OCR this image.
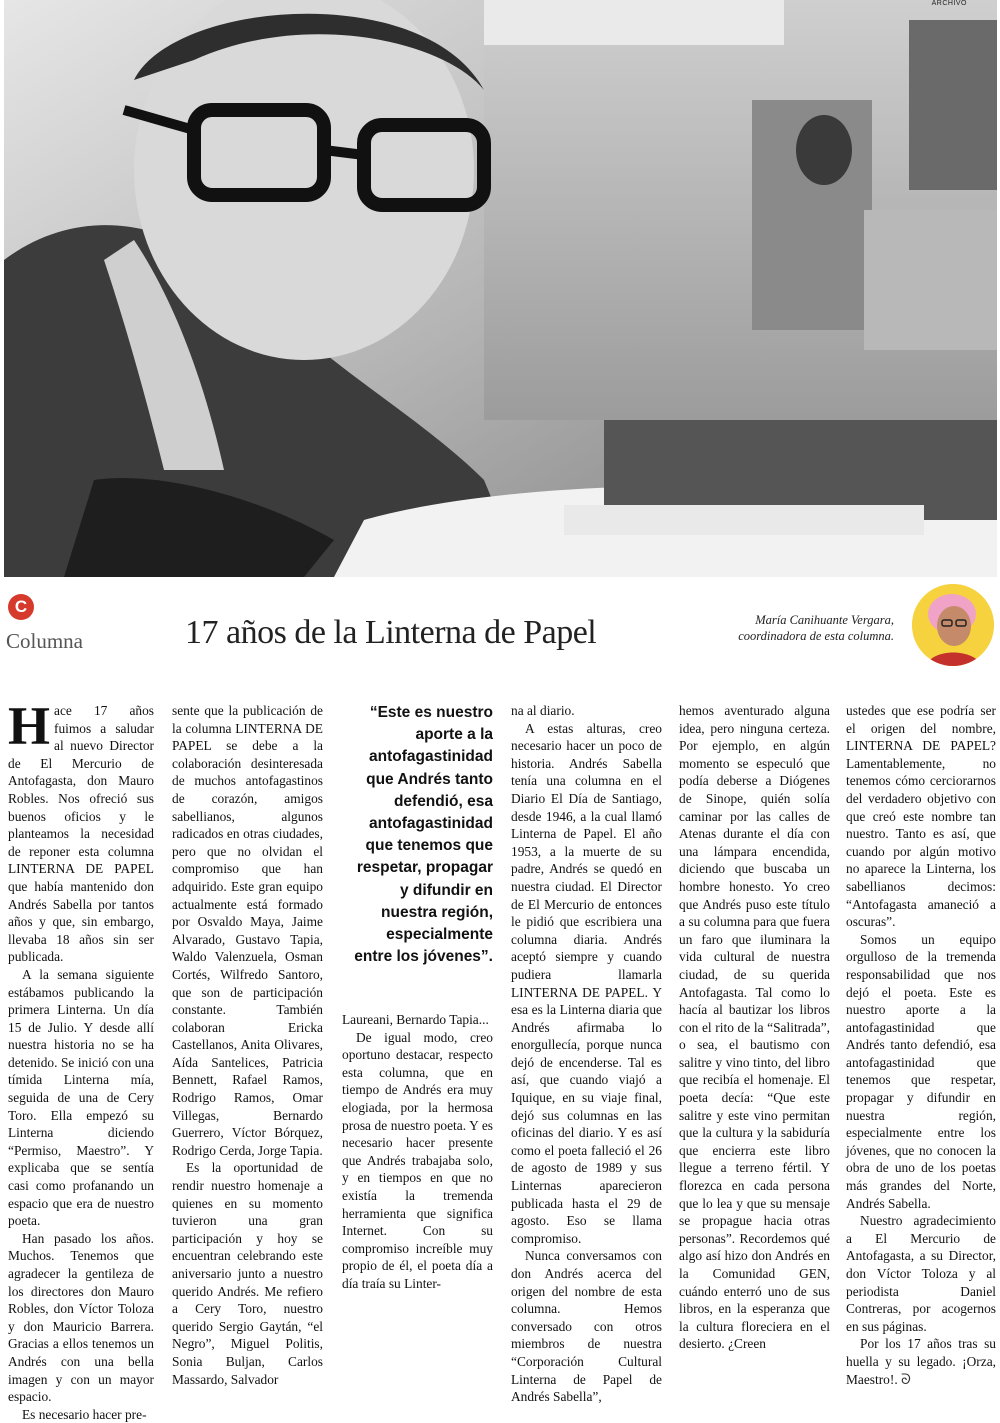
ARCHIVO
C
Columna	17 años de la Linterna de Papel	María Canihuante Vergara,
coordinadora de esta columna.

Hace 17 años fuimos a saludar al nuevo Director de El Mercurio de Antofagasta, don Mauro Robles. Nos ofreció sus buenos oficios y le planteamos la necesidad de reponer esta columna LINTERNA DE PAPEL que había mantenido don Andrés Sabella por tantos años y que, sin embargo, llevaba 18 años sin ser publicada.

A la semana siguiente estábamos publicando la primera Linterna. Un día 15 de Julio. Y desde allí nuestra historia no se ha detenido. Se inició con una tímida Linterna mía, seguida de una de Cery Toro. Ella empezó su Linterna diciendo “Permiso, Maestro”. Y explicaba que se sentía casi como profanando un espacio que era de nuestro poeta.

Han pasado los años. Muchos. Tenemos que agradecer la gentileza de los directores don Mauro Robles, don Víctor Toloza y don Mauricio Barrera. Gracias a ellos tenemos un Andrés con una bella imagen y con un mayor espacio.

Es necesario hacer pre-

sente que la publicación de la columna LINTERNA DE PAPEL se debe a la colaboración desinteresada de muchos antofagastinos de corazón, amigos sabellianos, algunos radicados en otras ciudades, pero que no olvidan el compromiso que han adquirido. Este gran equipo actualmente está formado por Osvaldo Maya, Jaime Alvarado, Gustavo Tapia, Waldo Valenzuela, Osman Cortés, Wilfredo Santoro, que son de participación constante. También colaboran Ericka Castellanos, Anita Olivares, Aída Santelices, Patricia Bennett, Rafael Ramos, Rodrigo Ramos, Omar Villegas, Bernardo Guerrero, Víctor Bórquez, Rodrigo Cerda, Jorge Tapia.

Es la oportunidad de rendir nuestro homenaje a quienes en su momento tuvieron una gran participación y hoy se encuentran celebrando este aniversario junto a nuestro querido Andrés. Me refiero a Cery Toro, nuestro querido Sergio Gaytán, “el Negro”, Miguel Politis, Sonia Buljan, Carlos Massardo, Salvador

“Este es nuestro aporte a la antofagastinidad que Andrés tanto defendió, esa antofagastinidad que tenemos que respetar, propagar y difundir en nuestra región, especialmente entre los jóvenes”.

Laureani, Bernardo Tapia...

De igual modo, creo oportuno destacar, respecto esta columna, que en tiempo de Andrés era muy elogiada, por la hermosa prosa de nuestro poeta. Y es necesario hacer presente que Andrés trabajaba solo, y en tiempos en que no existía la tremenda herramienta que significa Internet. Con su compromiso increíble muy propio de él, el poeta día a día traía su Linter-

na al diario.

A estas alturas, creo necesario hacer un poco de historia. Andrés Sabella tenía una columna en el Diario El Día de Santiago, desde 1946, a la cual llamó Linterna de Papel. El año 1953, a la muerte de su padre, Andrés se quedó en nuestra ciudad. El Director de El Mercurio de entonces le pidió que escribiera una columna diaria. Andrés aceptó siempre y cuando pudiera llamarla LINTERNA DE PAPEL. Y esa es la Linterna diaria que Andrés afirmaba lo enorgullecía, porque nunca dejó de encenderse. Tal es así, que cuando viajó a Iquique, en su viaje final, dejó sus columnas en las oficinas del diario. Y es así como el poeta falleció el 26 de agosto de 1989 y sus Linternas aparecieron publicada hasta el 29 de agosto. Eso se llama compromiso.

Nunca conversamos con don Andrés acerca del origen del nombre de esta columna. Hemos conversado con otros miembros de nuestra “Corporación Cultural Linterna de Papel de Andrés Sabella”,

hemos aventurado alguna idea, pero ninguna certeza. Por ejemplo, en algún momento se especuló que podía deberse a Diógenes de Sinope, quién solía caminar por las calles de Atenas durante el día con una lámpara encendida, diciendo que buscaba un hombre honesto. Yo creo que Andrés puso este título a su columna para que fuera un faro que iluminara la vida cultural de nuestra ciudad, de su querida Antofagasta. Tal como lo hacía al bautizar los libros con el rito de la “Salitrada”, o sea, el bautismo con salitre y vino tinto, del libro que recibía el homenaje. El poeta decía: “Que este salitre y este vino permitan que la cultura y la sabiduría que encierra este libro llegue a terreno fértil. Y florezca en cada persona que lo lea y que su mensaje se propague hacia otras personas”. Recordemos qué algo así hizo don Andrés en la Comunidad GEN, cuándo enterró uno de sus libros, en la esperanza que la cultura floreciera en el desierto. ¿Creen

ustedes que ese podría ser el origen del nombre, LINTERNA DE PAPEL? Lamentablemente, no tenemos cómo cerciorarnos del verdadero objetivo con que creó este nombre tan nuestro. Tanto es así, que cuando por algún motivo no aparece la Linterna, los sabellianos decimos: “Antofagasta amaneció a oscuras”.

Somos un equipo orgulloso de la tremenda responsabilidad que nos dejó el poeta. Este es nuestro aporte a la antofagastinidad que Andrés tanto defendió, esa antofagastinidad que tenemos que respetar, propagar y difundir en nuestra región, especialmente entre los jóvenes, que no conocen la obra de uno de los poetas más grandes del Norte, Andrés Sabella.

Nuestro agradecimiento a El Mercurio de Antofagasta, a su Director, don Víctor Toloza y al periodista Daniel Contreras, por acogernos en sus páginas.

Por los 17 años tras su huella y su legado. ¡Orza, Maestro!. ᘐ
